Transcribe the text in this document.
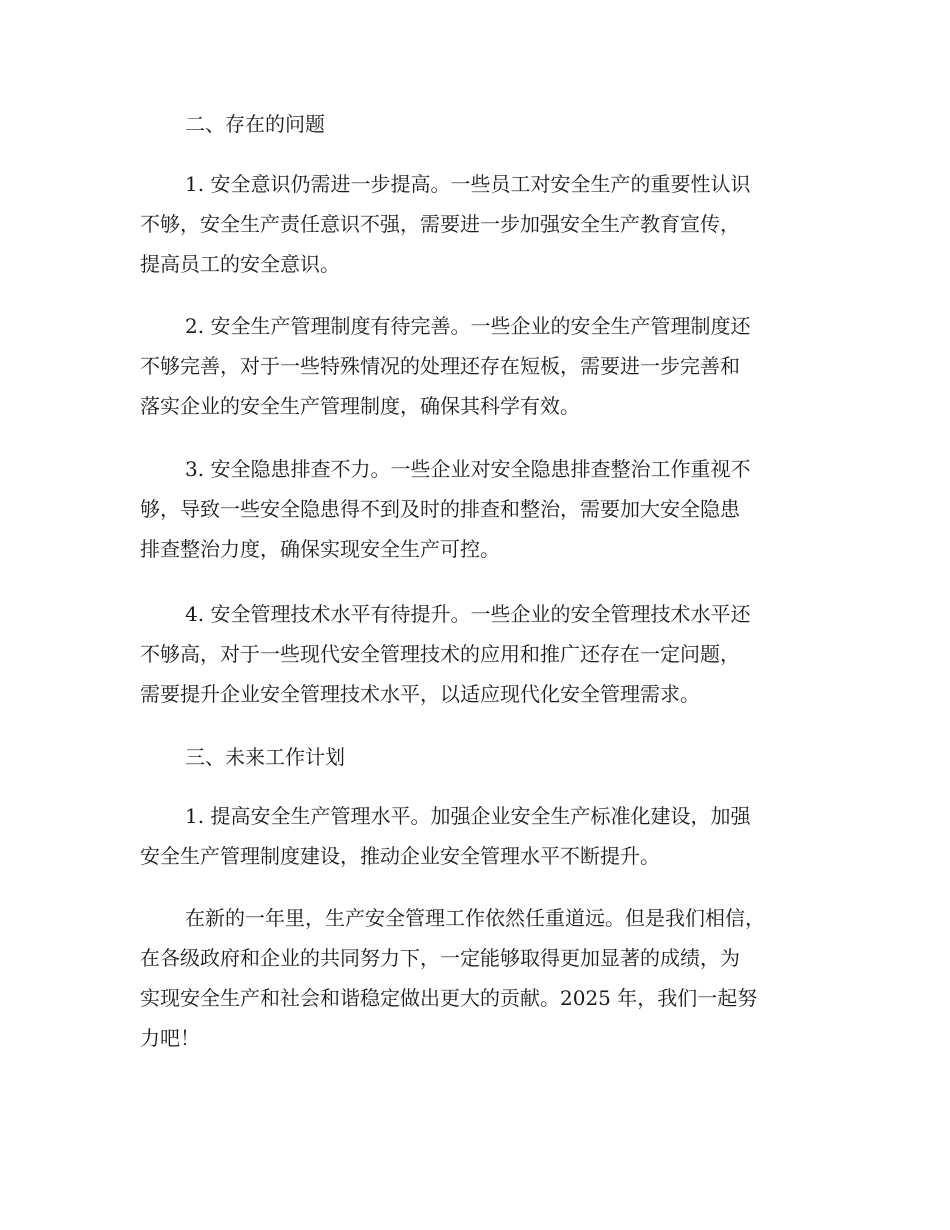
二、存在的问题
1. 安全意识仍需进一步提高。一些员工对安全生产的重要性认识
不够，安全生产责任意识不强，需要进一步加强安全生产教育宣传，
提高员工的安全意识。
2. 安全生产管理制度有待完善。一些企业的安全生产管理制度还
不够完善，对于一些特殊情况的处理还存在短板，需要进一步完善和
落实企业的安全生产管理制度，确保其科学有效。
3. 安全隐患排查不力。一些企业对安全隐患排查整治工作重视不
够，导致一些安全隐患得不到及时的排查和整治，需要加大安全隐患
排查整治力度，确保实现安全生产可控。
4. 安全管理技术水平有待提升。一些企业的安全管理技术水平还
不够高，对于一些现代安全管理技术的应用和推广还存在一定问题，
需要提升企业安全管理技术水平，以适应现代化安全管理需求。
三、未来工作计划
1. 提高安全生产管理水平。加强企业安全生产标准化建设，加强
安全生产管理制度建设，推动企业安全管理水平不断提升。
在新的一年里，生产安全管理工作依然任重道远。但是我们相信，
在各级政府和企业的共同努力下，一定能够取得更加显著的成绩，为
实现安全生产和社会和谐稳定做出更大的贡献。2025 年，我们一起努
力吧！
